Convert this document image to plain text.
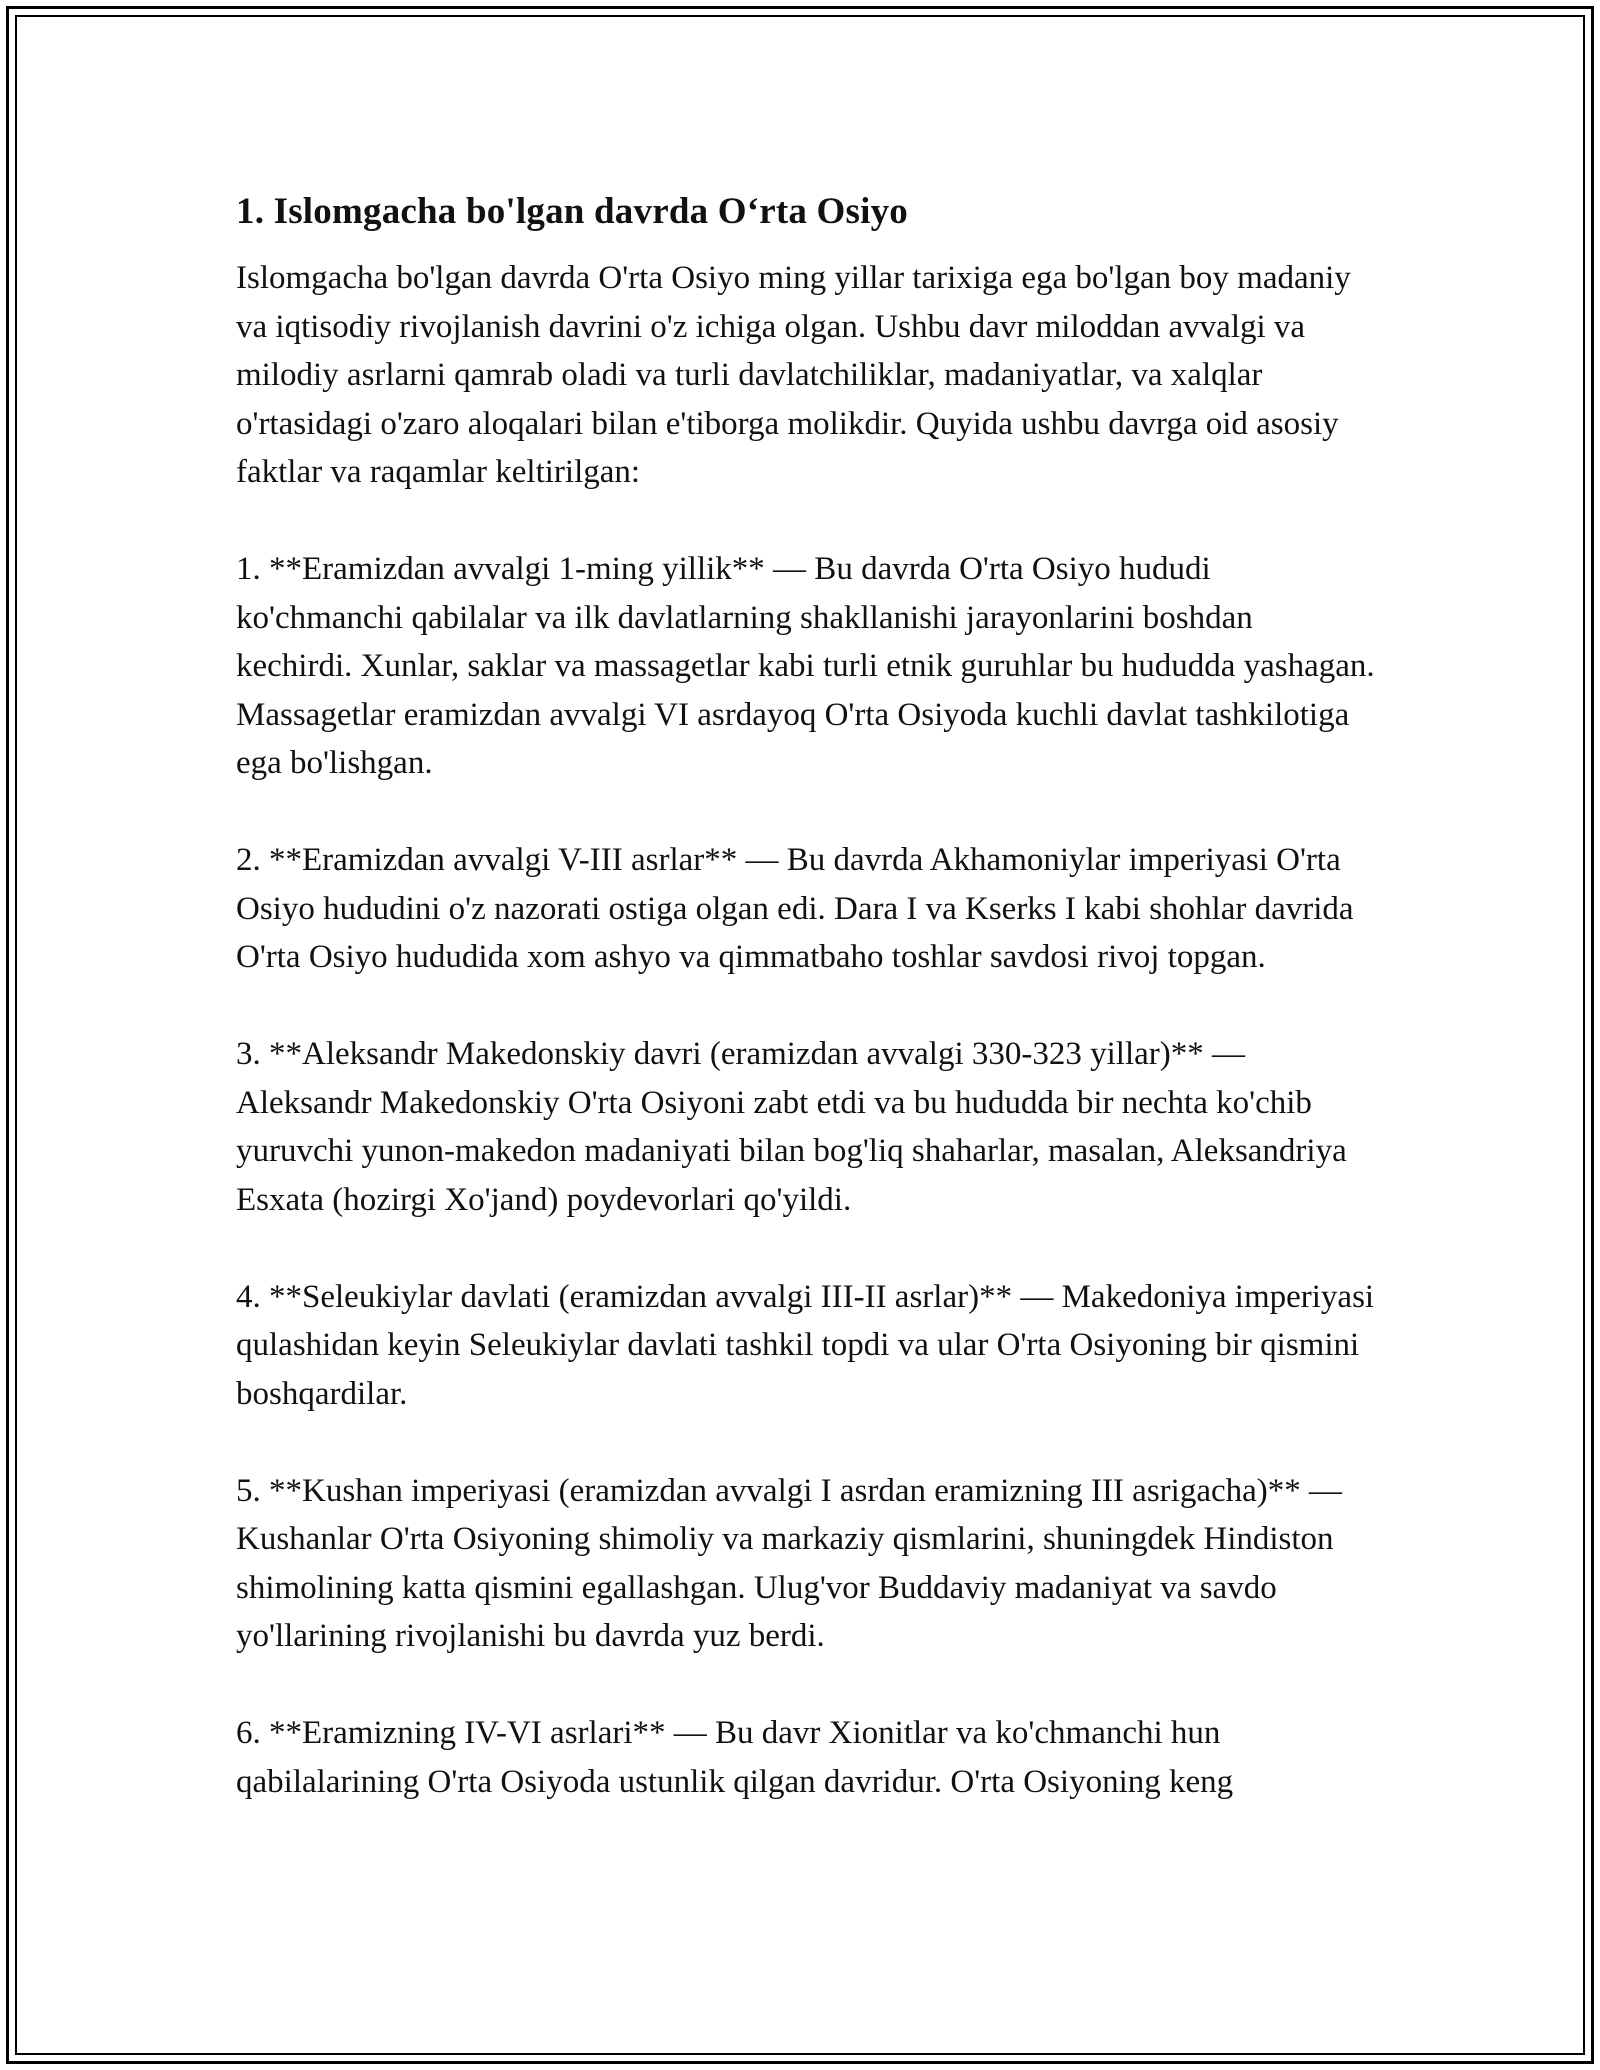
1. Islomgacha bo'lgan davrda O‘rta Osiyo

Islomgacha bo'lgan davrda O'rta Osiyo ming yillar tarixiga ega bo'lgan boy madaniy va iqtisodiy rivojlanish davrini o'z ichiga olgan. Ushbu davr miloddan avvalgi va milodiy asrlarni qamrab oladi va turli davlatchiliklar, madaniyatlar, va xalqlar o'rtasidagi o'zaro aloqalari bilan e'tiborga molikdir. Quyida ushbu davrga oid asosiy faktlar va raqamlar keltirilgan:

1. **Eramizdan avvalgi 1-ming yillik** — Bu davrda O'rta Osiyo hududi ko'chmanchi qabilalar va ilk davlatlarning shakllanishi jarayonlarini boshdan kechirdi. Xunlar, saklar va massagetlar kabi turli etnik guruhlar bu hududda yashagan. Massagetlar eramizdan avvalgi VI asrdayoq O'rta Osiyoda kuchli davlat tashkilotiga ega bo'lishgan.

2. **Eramizdan avvalgi V-III asrlar** — Bu davrda Akhamoniylar imperiyasi O'rta Osiyo hududini o'z nazorati ostiga olgan edi. Dara I va Kserks I kabi shohlar davrida O'rta Osiyo hududida xom ashyo va qimmatbaho toshlar savdosi rivoj topgan.

3. **Aleksandr Makedonskiy davri (eramizdan avvalgi 330-323 yillar)** — Aleksandr Makedonskiy O'rta Osiyoni zabt etdi va bu hududda bir nechta ko'chib yuruvchi yunon-makedon madaniyati bilan bog'liq shaharlar, masalan, Aleksandriya Esxata (hozirgi Xo'jand) poydevorlari qo'yildi.

4. **Seleukiylar davlati (eramizdan avvalgi III-II asrlar)** — Makedoniya imperiyasi qulashidan keyin Seleukiylar davlati tashkil topdi va ular O'rta Osiyoning bir qismini boshqardilar.

5. **Kushan imperiyasi (eramizdan avvalgi I asrdan eramizning III asrigacha)** — Kushanlar O'rta Osiyoning shimoliy va markaziy qismlarini, shuningdek Hindiston shimolining katta qismini egallashgan. Ulug'vor Buddaviy madaniyat va savdo yo'llarining rivojlanishi bu davrda yuz berdi.

6. **Eramizning IV-VI asrlari** — Bu davr Xionitlar va ko'chmanchi hun qabilalarining O'rta Osiyoda ustunlik qilgan davridur. O'rta Osiyoning keng
